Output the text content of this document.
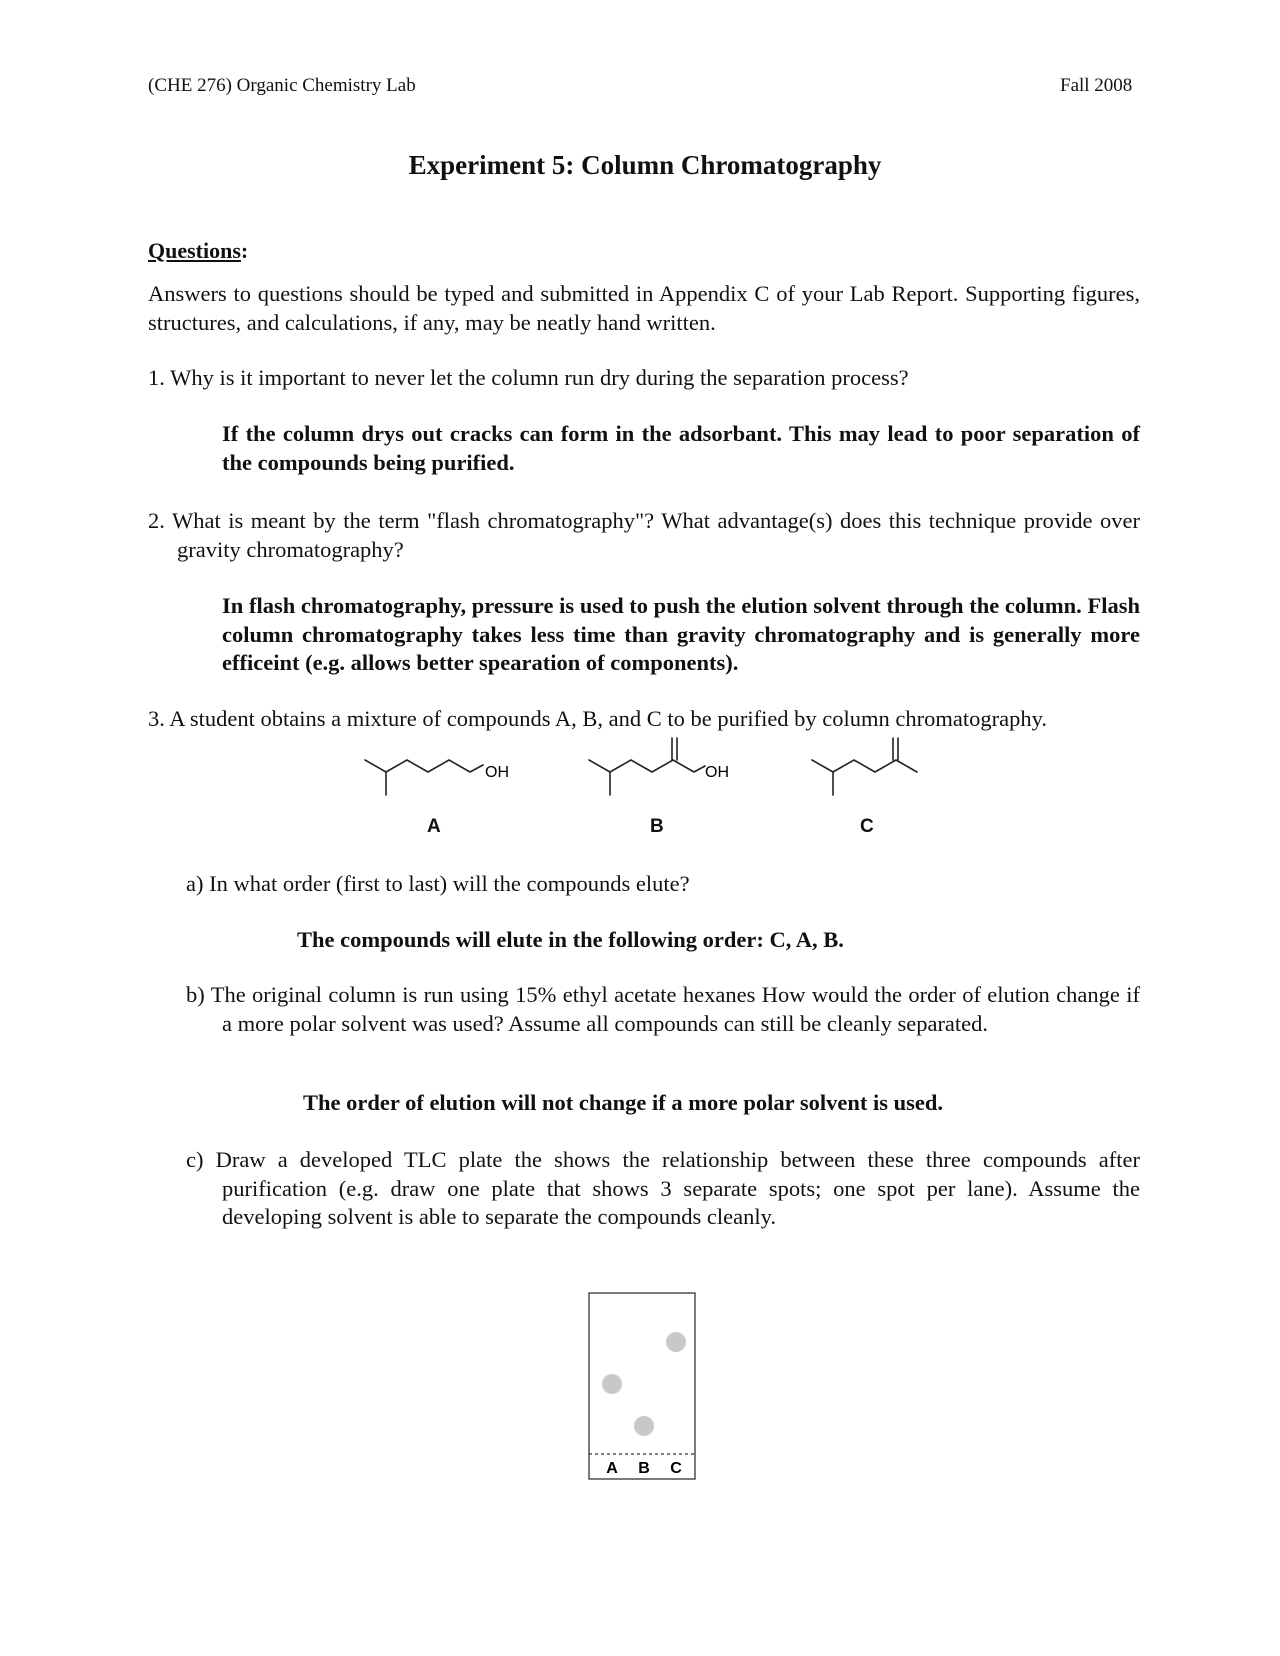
(CHE 276) Organic Chemistry Lab	Fall 2008
Experiment 5: Column Chromatography
Questions:
Answers to questions should be typed and submitted in Appendix C of your Lab Report. Supporting figures, structures, and calculations, if any, may be neatly hand written.
1. Why is it important to never let the column run dry during the separation process?
If the column drys out cracks can form in the adsorbant. This may lead to poor separation of the compounds being purified.
2. What is meant by the term "flash chromatography"? What advantage(s) does this technique provide over gravity chromatography?
In flash chromatography, pressure is used to push the elution solvent through the column. Flash column chromatography takes less time than gravity chromatography and is generally more efficeint (e.g. allows better spearation of components).
3. A student obtains a mixture of compounds A, B, and C to be purified by column chromatography.
OH	OH
A	B	C
a) In what order (first to last) will the compounds elute?
The compounds will elute in the following order: C, A, B.
b) The original column is run using 15% ethyl acetate hexanes How would the order of elution change if a more polar solvent was used? Assume all compounds can still be cleanly separated.
The order of elution will not change if a more polar solvent is used.
c) Draw a developed TLC plate the shows the relationship between these three compounds after purification (e.g. draw one plate that shows 3 separate spots; one spot per lane). Assume the developing solvent is able to separate the compounds cleanly.
A B C
